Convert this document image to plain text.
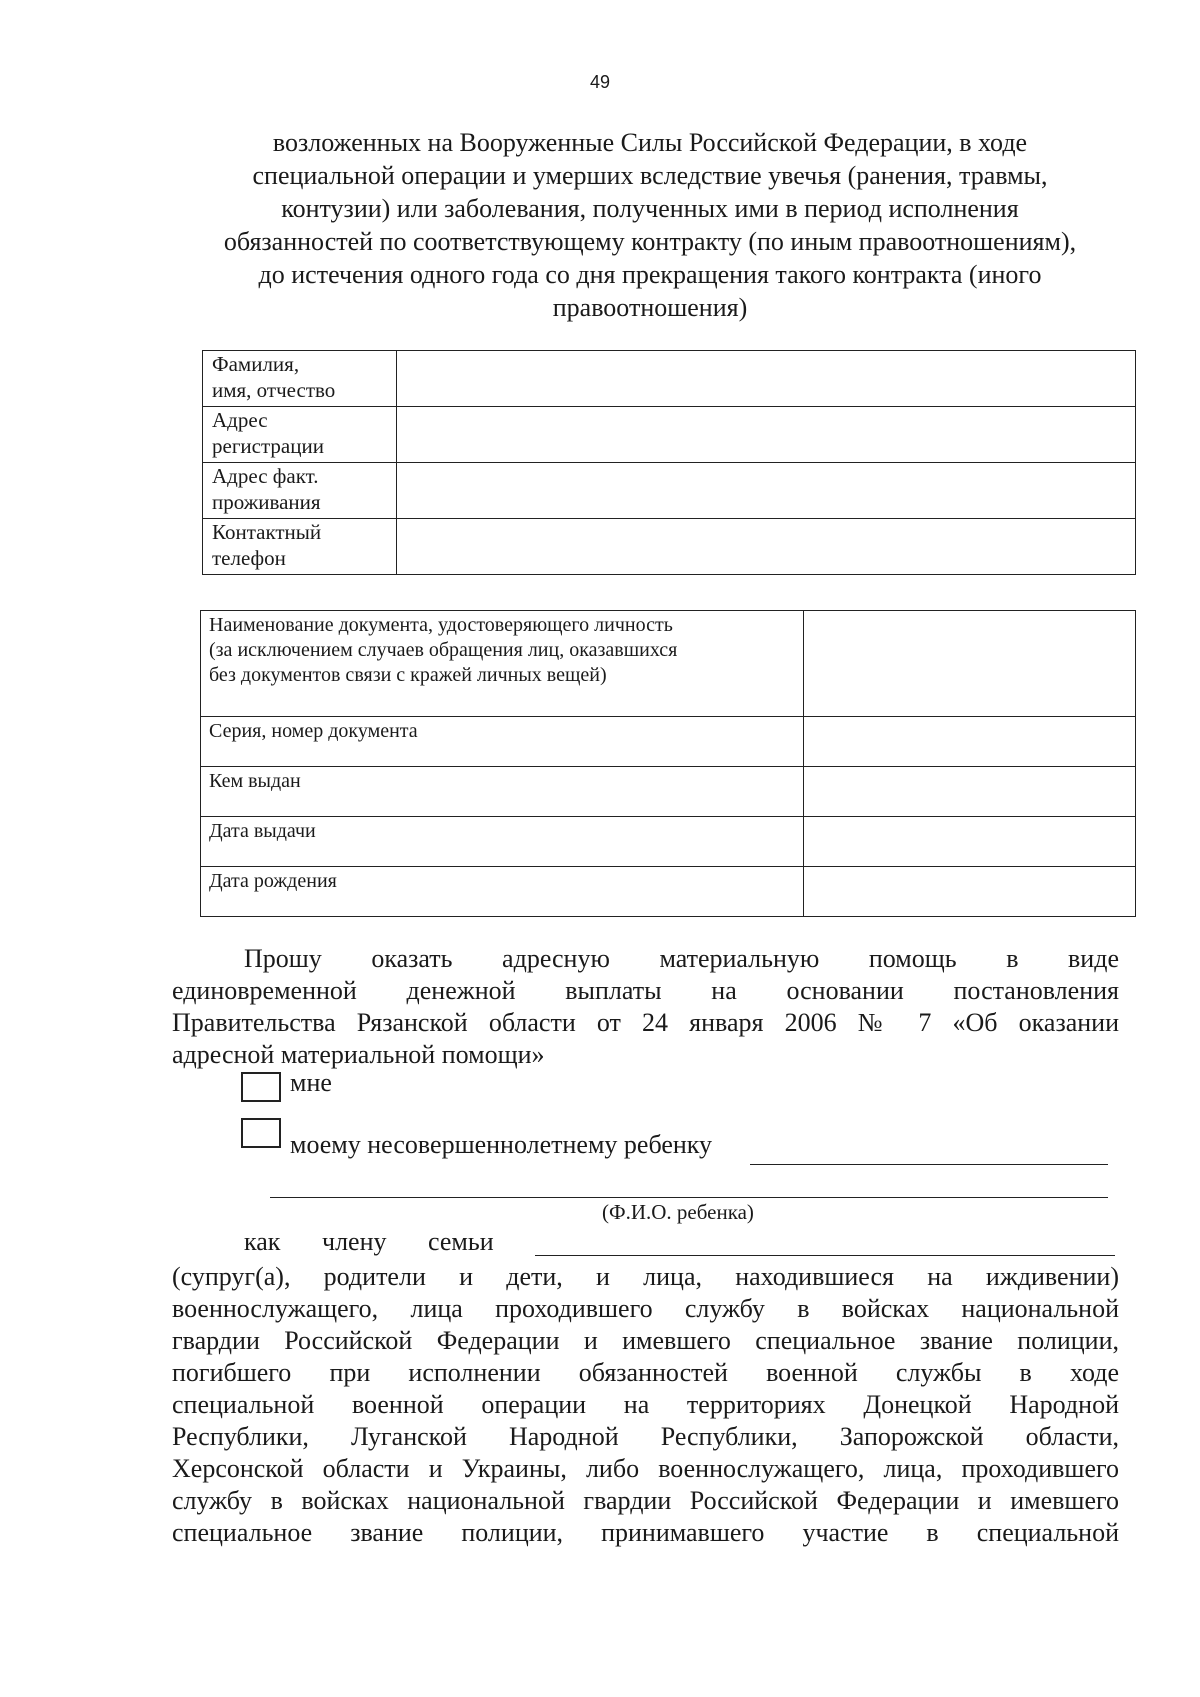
49
возложенных на Вооруженные Силы Российской Федерации, в ходе
специальной операции и умерших вследствие увечья (ранения, травмы,
контузии) или заболевания, полученных ими в период исполнения
обязанностей по соответствующему контракту (по иным правоотношениям),
до истечения одного года со дня прекращения такого контракта (иного
правоотношения)
Фамилия,
имя, отчество	

Адрес
регистрации	

Адрес факт.
проживания	

Контактный
телефон	

Наименование документа, удостоверяющего личность
(за исключением случаев обращения лиц, оказавшихся
без документов связи с кражей личных вещей)	

Серия, номер документа	
Кем выдан	
Дата выдачи	
Дата рождения	
Прошу оказать адресную материальную помощь в виде
единовременной денежной выплаты на основании постановления
Правительства Рязанской области от 24 января 2006 № 7 «Об оказании
адресной материальной помощи»
мне
моему несовершеннолетнему ребенку
(Ф.И.О. ребенка)
как члену семьи
(супруг(а), родители и дети, и лица, находившиеся на иждивении)
военнослужащего, лица проходившего службу в войсках национальной
гвардии Российской Федерации и имевшего специальное звание полиции,
погибшего при исполнении обязанностей военной службы в ходе
специальной военной операции на территориях Донецкой Народной
Республики, Луганской Народной Республики, Запорожской области,
Херсонской области и Украины, либо военнослужащего, лица, проходившего
службу в войсках национальной гвардии Российской Федерации и имевшего
специальное звание полиции, принимавшего участие в специальной
